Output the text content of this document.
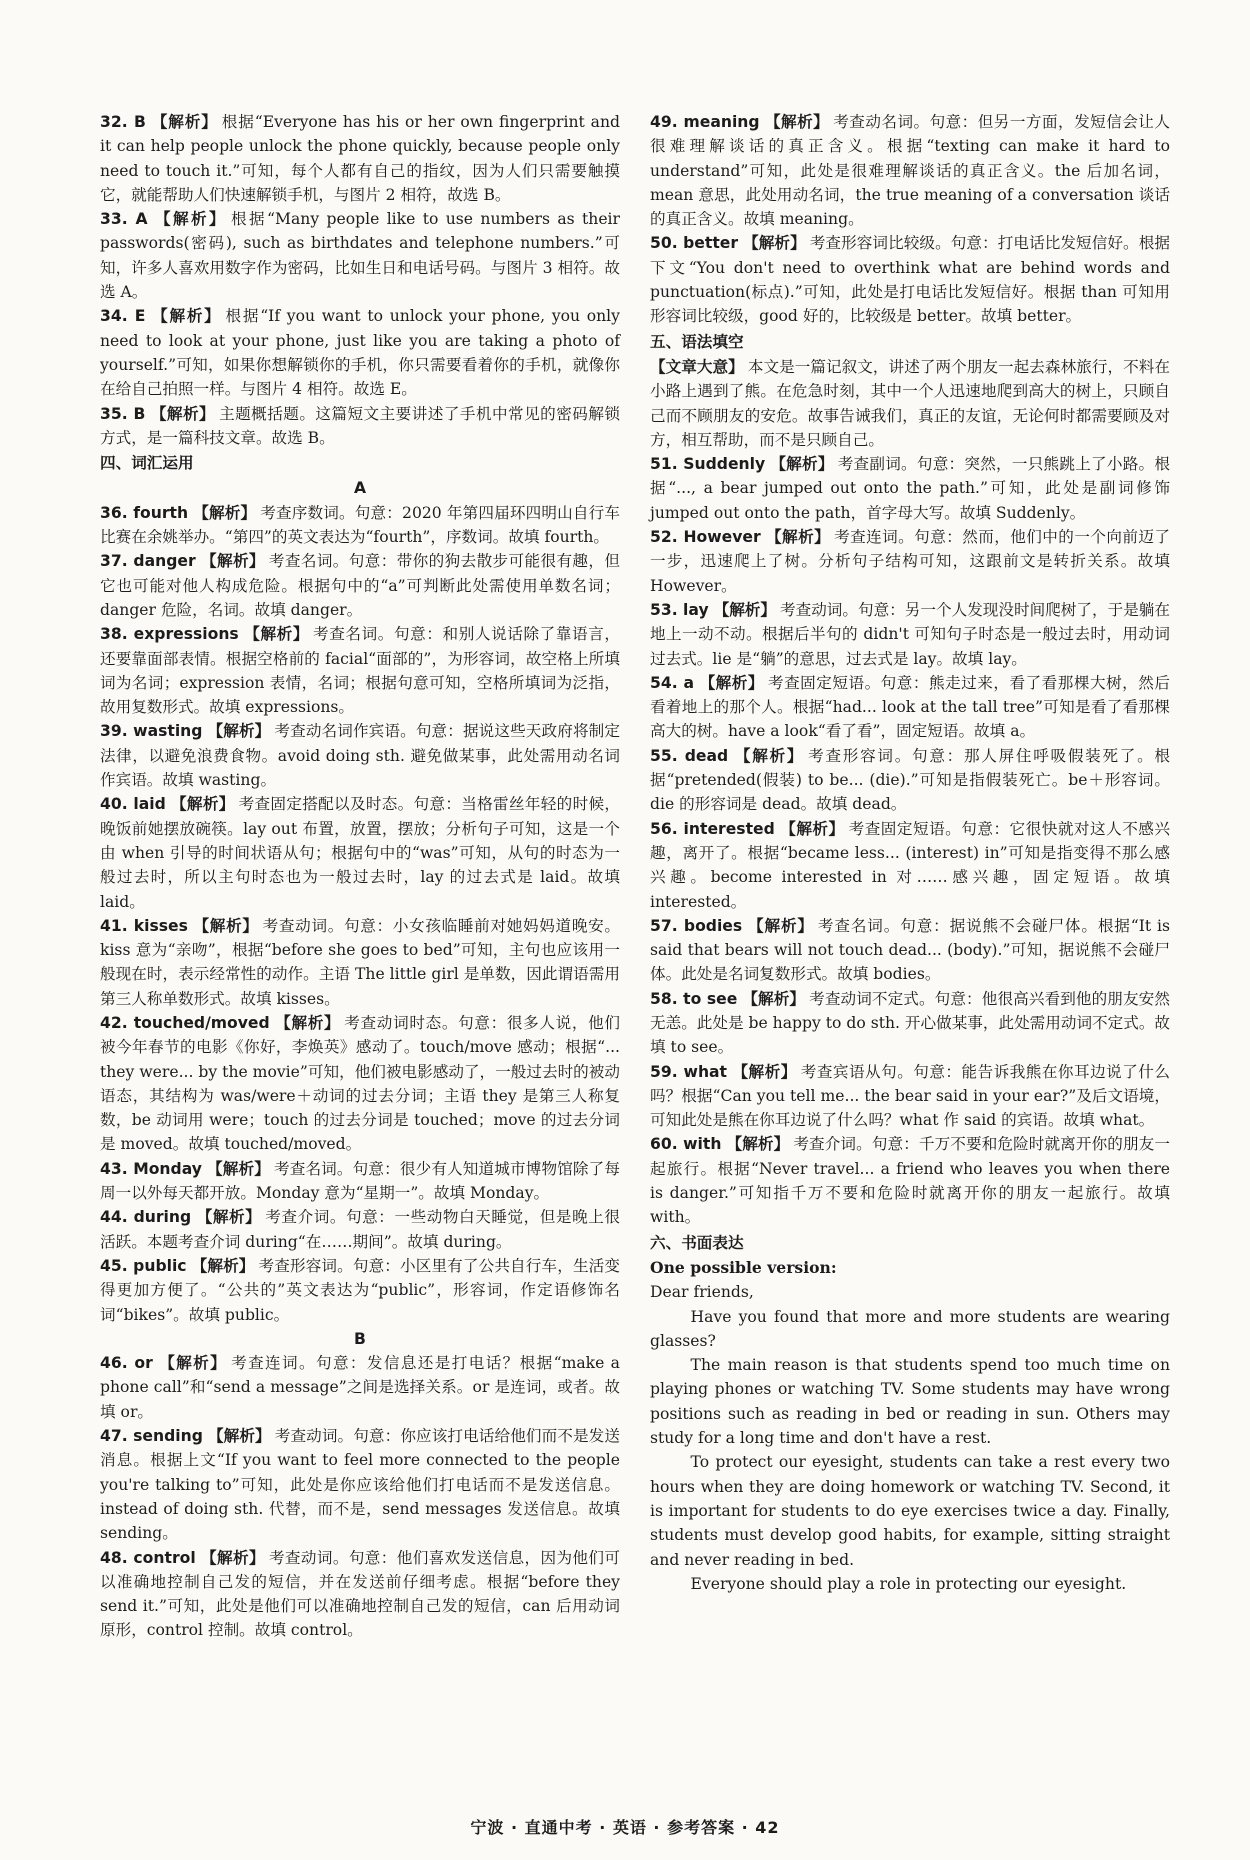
32. B 【解析】 根据“Everyone has his or her own fingerprint and it can help people unlock the phone quickly, because people only need to touch it.”可知，每个人都有自己的指纹，因为人们只需要触摸它，就能帮助人们快速解锁手机，与图片 2 相符，故选 B。

33. A 【解析】 根据“Many people like to use numbers as their passwords(密码), such as birthdates and telephone numbers.”可知，许多人喜欢用数字作为密码，比如生日和电话号码。与图片 3 相符。故选 A。

34. E 【解析】 根据“If you want to unlock your phone, you only need to look at your phone, just like you are taking a photo of yourself.”可知，如果你想解锁你的手机，你只需要看着你的手机，就像你在给自己拍照一样。与图片 4 相符。故选 E。

35. B 【解析】 主题概括题。这篇短文主要讲述了手机中常见的密码解锁方式，是一篇科技文章。故选 B。

四、词汇运用

A

36. fourth 【解析】 考查序数词。句意：2020 年第四届环四明山自行车比赛在余姚举办。“第四”的英文表达为“fourth”，序数词。故填 fourth。

37. danger 【解析】 考查名词。句意：带你的狗去散步可能很有趣，但它也可能对他人构成危险。根据句中的“a”可判断此处需使用单数名词；danger 危险，名词。故填 danger。

38. expressions 【解析】 考查名词。句意：和别人说话除了靠语言，还要靠面部表情。根据空格前的 facial“面部的”，为形容词，故空格上所填词为名词；expression 表情，名词；根据句意可知，空格所填词为泛指，故用复数形式。故填 expressions。

39. wasting 【解析】 考查动名词作宾语。句意：据说这些天政府将制定法律，以避免浪费食物。avoid doing sth. 避免做某事，此处需用动名词作宾语。故填 wasting。

40. laid 【解析】 考查固定搭配以及时态。句意：当格雷丝年轻的时候，晚饭前她摆放碗筷。lay out 布置，放置，摆放；分析句子可知，这是一个由 when 引导的时间状语从句；根据句中的“was”可知，从句的时态为一般过去时，所以主句时态也为一般过去时，lay 的过去式是 laid。故填 laid。

41. kisses 【解析】 考查动词。句意：小女孩临睡前对她妈妈道晚安。kiss 意为“亲吻”，根据“before she goes to bed”可知，主句也应该用一般现在时，表示经常性的动作。主语 The little girl 是单数，因此谓语需用第三人称单数形式。故填 kisses。

42. touched/moved 【解析】 考查动词时态。句意：很多人说，他们被今年春节的电影《你好，李焕英》感动了。touch/move 感动；根据“... they were... by the movie”可知，他们被电影感动了，一般过去时的被动语态，其结构为 was/were＋动词的过去分词；主语 they 是第三人称复数，be 动词用 were；touch 的过去分词是 touched；move 的过去分词是 moved。故填 touched/moved。

43. Monday 【解析】 考查名词。句意：很少有人知道城市博物馆除了每周一以外每天都开放。Monday 意为“星期一”。故填 Monday。

44. during 【解析】 考查介词。句意：一些动物白天睡觉，但是晚上很活跃。本题考查介词 during“在……期间”。故填 during。

45. public 【解析】 考查形容词。句意：小区里有了公共自行车，生活变得更加方便了。“公共的”英文表达为“public”，形容词，作定语修饰名词“bikes”。故填 public。

B

46. or 【解析】 考查连词。句意：发信息还是打电话？根据“make a phone call”和“send a message”之间是选择关系。or 是连词，或者。故填 or。

47. sending 【解析】 考查动词。句意：你应该打电话给他们而不是发送消息。根据上文“If you want to feel more connected to the people you're talking to”可知，此处是你应该给他们打电话而不是发送信息。instead of doing sth. 代替，而不是，send messages 发送信息。故填 sending。

48. control 【解析】 考查动词。句意：他们喜欢发送信息，因为他们可以准确地控制自己发的短信，并在发送前仔细考虑。根据“before they send it.”可知，此处是他们可以准确地控制自己发的短信，can 后用动词原形，control 控制。故填 control。

49. meaning 【解析】 考查动名词。句意：但另一方面，发短信会让人很难理解谈话的真正含义。根据“texting can make it hard to understand”可知，此处是很难理解谈话的真正含义。the 后加名词，mean 意思，此处用动名词，the true meaning of a conversation 谈话的真正含义。故填 meaning。

50. better 【解析】 考查形容词比较级。句意：打电话比发短信好。根据下文“You don't need to overthink what are behind words and punctuation(标点).”可知，此处是打电话比发短信好。根据 than 可知用形容词比较级，good 好的，比较级是 better。故填 better。

五、语法填空

【文章大意】 本文是一篇记叙文，讲述了两个朋友一起去森林旅行，不料在小路上遇到了熊。在危急时刻，其中一个人迅速地爬到高大的树上，只顾自己而不顾朋友的安危。故事告诫我们，真正的友谊，无论何时都需要顾及对方，相互帮助，而不是只顾自己。

51. Suddenly 【解析】 考查副词。句意：突然，一只熊跳上了小路。根据“..., a bear jumped out onto the path.”可知，此处是副词修饰 jumped out onto the path，首字母大写。故填 Suddenly。

52. However 【解析】 考查连词。句意：然而，他们中的一个向前迈了一步，迅速爬上了树。分析句子结构可知，这跟前文是转折关系。故填 However。

53. lay 【解析】 考查动词。句意：另一个人发现没时间爬树了，于是躺在地上一动不动。根据后半句的 didn't 可知句子时态是一般过去时，用动词过去式。lie 是“躺”的意思，过去式是 lay。故填 lay。

54. a 【解析】 考查固定短语。句意：熊走过来，看了看那棵大树，然后看着地上的那个人。根据“had... look at the tall tree”可知是看了看那棵高大的树。have a look“看了看”，固定短语。故填 a。

55. dead 【解析】 考查形容词。句意：那人屏住呼吸假装死了。根据“pretended(假装) to be... (die).”可知是指假装死亡。be＋形容词。die 的形容词是 dead。故填 dead。

56. interested 【解析】 考查固定短语。句意：它很快就对这人不感兴趣，离开了。根据“became less... (interest) in”可知是指变得不那么感兴趣。become interested in 对……感兴趣，固定短语。故填 interested。

57. bodies 【解析】 考查名词。句意：据说熊不会碰尸体。根据“It is said that bears will not touch dead... (body).”可知，据说熊不会碰尸体。此处是名词复数形式。故填 bodies。

58. to see 【解析】 考查动词不定式。句意：他很高兴看到他的朋友安然无恙。此处是 be happy to do sth. 开心做某事，此处需用动词不定式。故填 to see。

59. what 【解析】 考查宾语从句。句意：能告诉我熊在你耳边说了什么吗？根据“Can you tell me... the bear said in your ear?”及后文语境，可知此处是熊在你耳边说了什么吗？what 作 said 的宾语。故填 what。

60. with 【解析】 考查介词。句意：千万不要和危险时就离开你的朋友一起旅行。根据“Never travel... a friend who leaves you when there is danger.”可知指千万不要和危险时就离开你的朋友一起旅行。故填 with。

六、书面表达

One possible version:

Dear friends,

Have you found that more and more students are wearing glasses?

The main reason is that students spend too much time on playing phones or watching TV. Some students may have wrong positions such as reading in bed or reading in sun. Others may study for a long time and don't have a rest.

To protect our eyesight, students can take a rest every two hours when they are doing homework or watching TV. Second, it is important for students to do eye exercises twice a day. Finally, students must develop good habits, for example, sitting straight and never reading in bed.

Everyone should play a role in protecting our eyesight.

宁波 · 直通中考 · 英语 · 参考答案 · 42
